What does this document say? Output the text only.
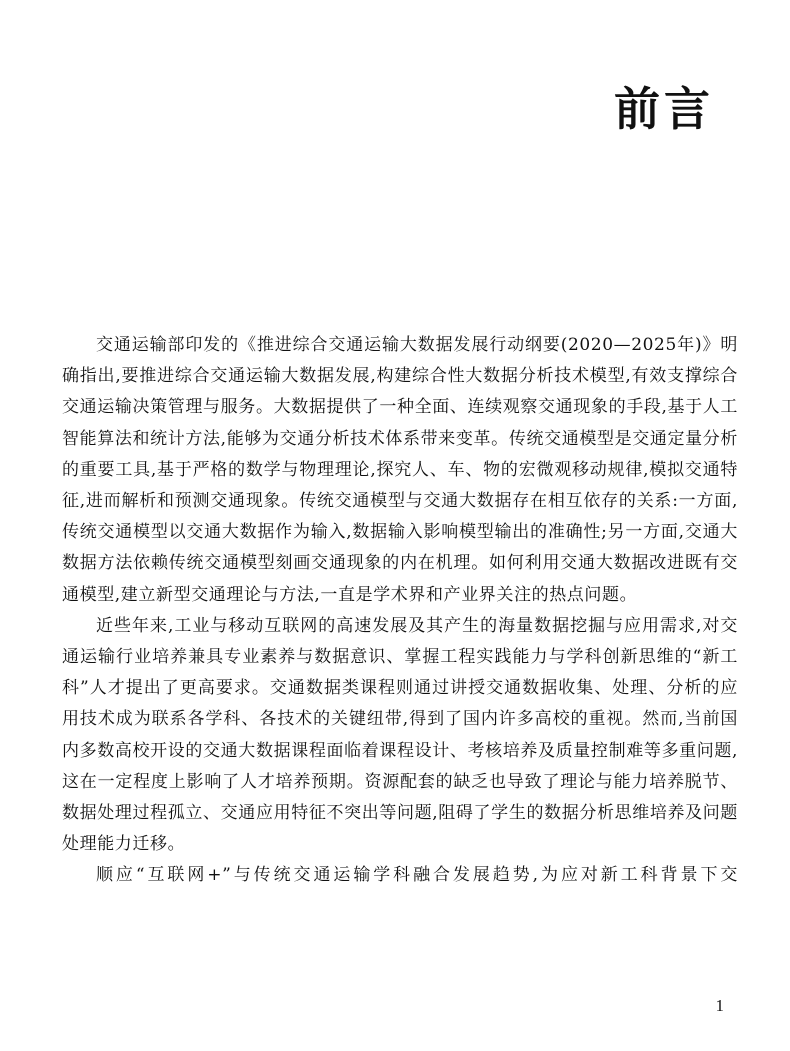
前言

交通运输部印发的《推进综合交通运输大数据发展行动纲要(2020—2025年)》明确指出,要推进综合交通运输大数据发展,构建综合性大数据分析技术模型,有效支撑综合交通运输决策管理与服务。大数据提供了一种全面、连续观察交通现象的手段,基于人工智能算法和统计方法,能够为交通分析技术体系带来变革。传统交通模型是交通定量分析的重要工具,基于严格的数学与物理理论,探究人、车、物的宏微观移动规律,模拟交通特征,进而解析和预测交通现象。传统交通模型与交通大数据存在相互依存的关系:一方面,传统交通模型以交通大数据作为输入,数据输入影响模型输出的准确性;另一方面,交通大数据方法依赖传统交通模型刻画交通现象的内在机理。如何利用交通大数据改进既有交通模型,建立新型交通理论与方法,一直是学术界和产业界关注的热点问题。

近些年来,工业与移动互联网的高速发展及其产生的海量数据挖掘与应用需求,对交通运输行业培养兼具专业素养与数据意识、掌握工程实践能力与学科创新思维的“新工科”人才提出了更高要求。交通数据类课程则通过讲授交通数据收集、处理、分析的应用技术成为联系各学科、各技术的关键纽带,得到了国内许多高校的重视。然而,当前国内多数高校开设的交通大数据课程面临着课程设计、考核培养及质量控制难等多重问题,这在一定程度上影响了人才培养预期。资源配套的缺乏也导致了理论与能力培养脱节、数据处理过程孤立、交通应用特征不突出等问题,阻碍了学生的数据分析思维培养及问题处理能力迁移。

顺应“互联网+”与传统交通运输学科融合发展趋势,为应对新工科背景下交

1
